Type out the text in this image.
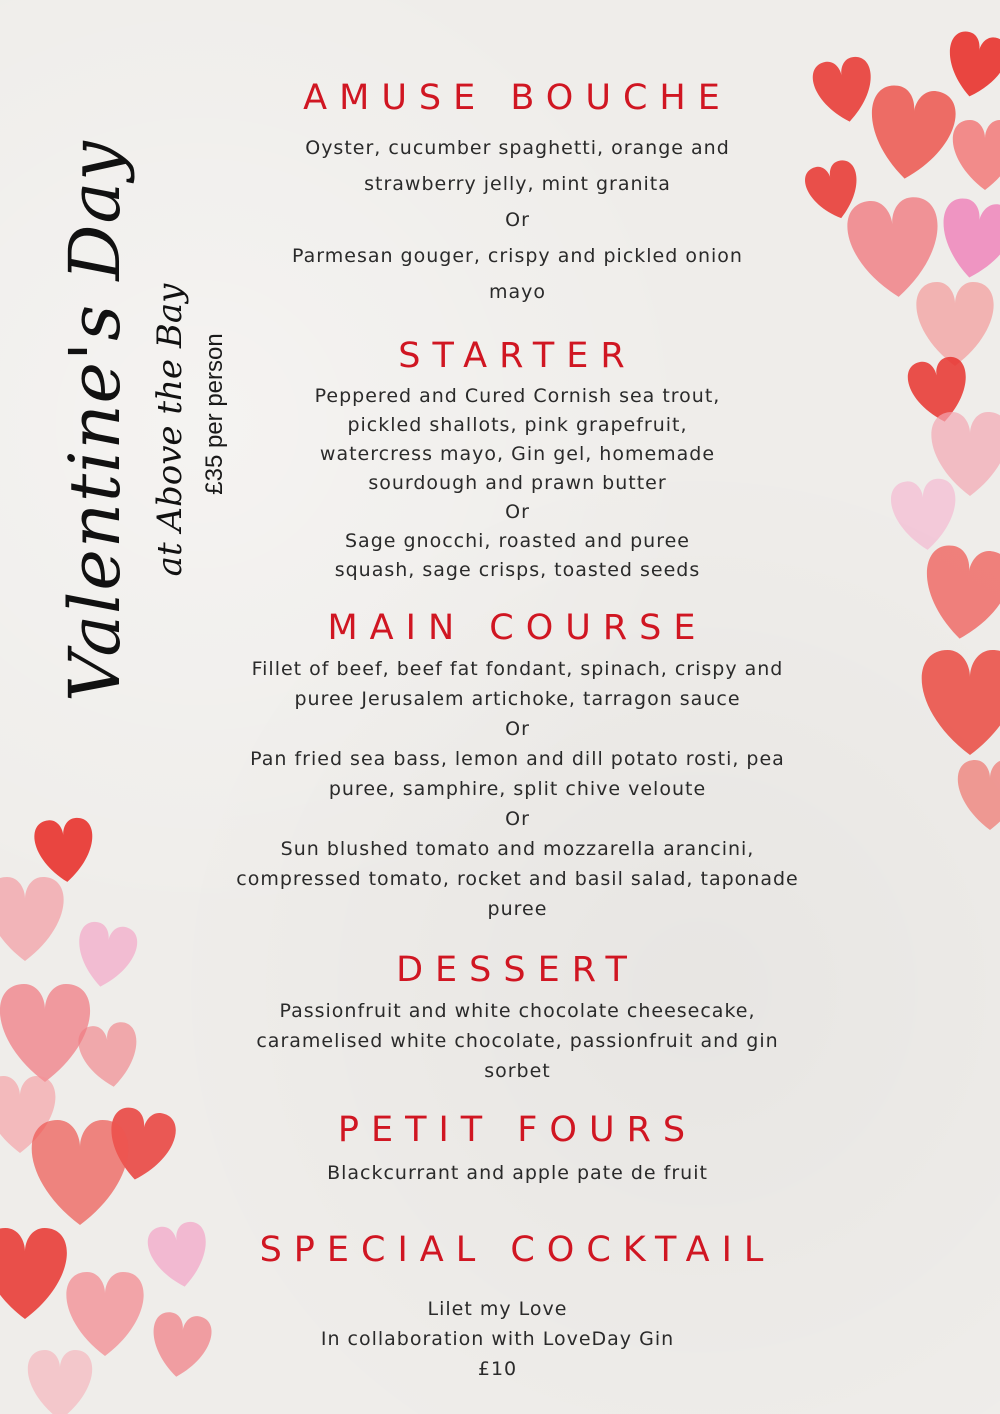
Valentine's Day at Above the Bay £35 per person
AMUSE BOUCHE

Oyster, cucumber spaghetti, orange and

strawberry jelly, mint granita

Or

Parmesan gouger, crispy and pickled onion

mayo

STARTER

Peppered and Cured Cornish sea trout,

pickled shallots, pink grapefruit,

watercress mayo, Gin gel, homemade

sourdough and prawn butter

Or

Sage gnocchi, roasted and puree

squash, sage crisps, toasted seeds

MAIN COURSE

Fillet of beef, beef fat fondant, spinach, crispy and

puree Jerusalem artichoke, tarragon sauce

Or

Pan fried sea bass, lemon and dill potato rosti, pea

puree, samphire, split chive veloute

Or

Sun blushed tomato and mozzarella arancini,

compressed tomato, rocket and basil salad, taponade

puree

DESSERT

Passionfruit and white chocolate cheesecake,

caramelised white chocolate, passionfruit and gin

sorbet

PETIT FOURS

Blackcurrant and apple pate de fruit

SPECIAL COCKTAIL

Lilet my Love

In collaboration with LoveDay Gin

£10
